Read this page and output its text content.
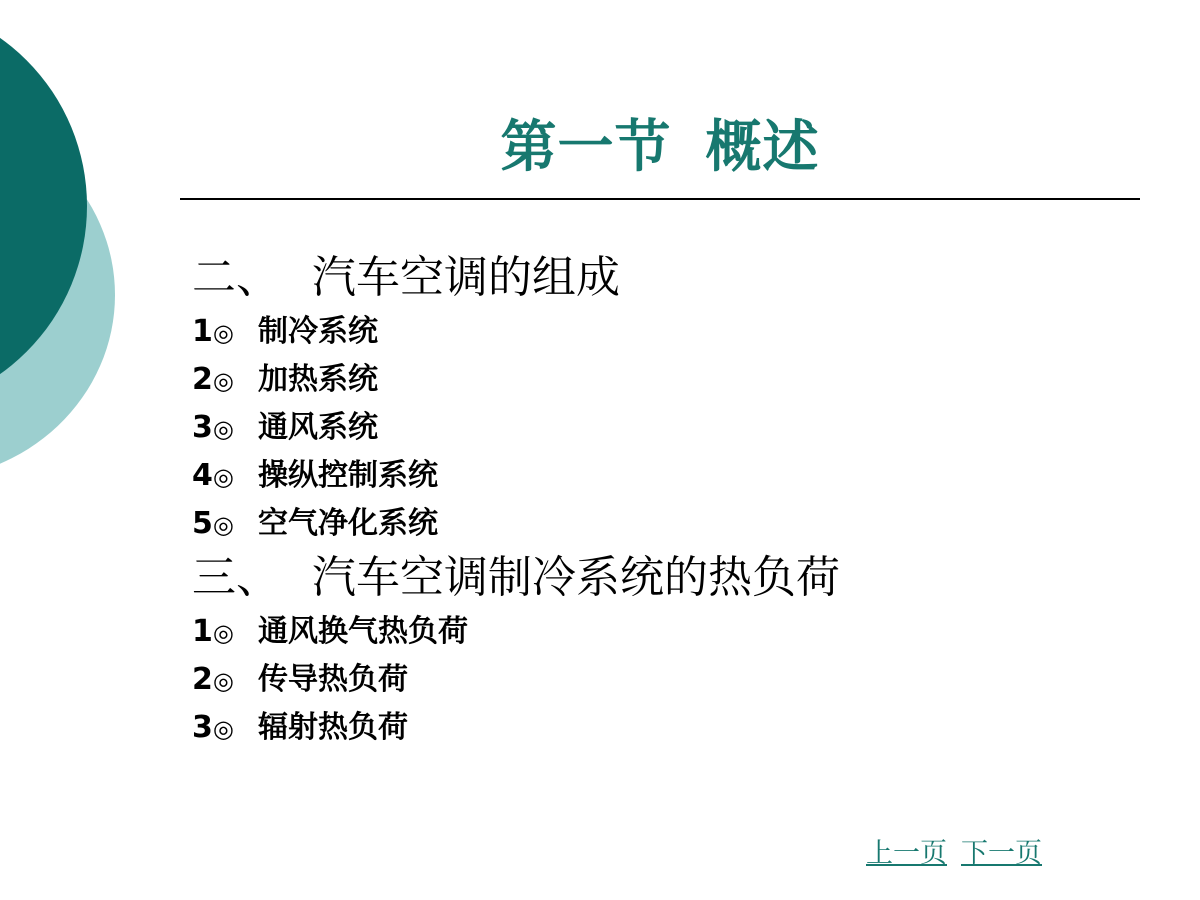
第一节 概述
二、 汽车空调的组成
1◎ 制冷系统
2◎ 加热系统
3◎ 通风系统
4◎ 操纵控制系统
5◎ 空气净化系统
三、 汽车空调制冷系统的热负荷
1◎ 通风换气热负荷
2◎ 传导热负荷
3◎ 辐射热负荷
上一页 下一页
